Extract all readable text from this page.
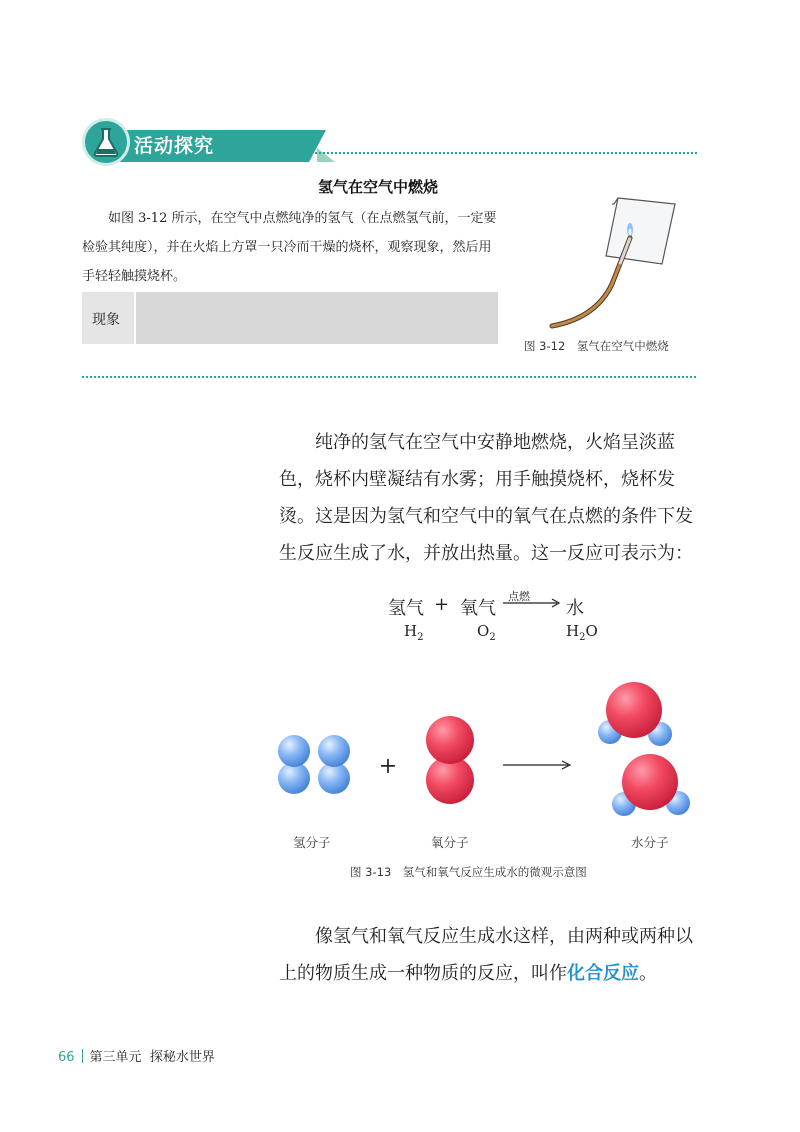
活动探究 3-5
氢气在空气中燃烧
如图 3-12 所示，在空气中点燃纯净的氢气（在点燃氢气前，一定要检验其纯度），并在火焰上方罩一只冷而干燥的烧杯，观察现象，然后用手轻轻触摸烧杯。
现象
图 3-12　氢气在空气中燃烧
纯净的氢气在空气中安静地燃烧，火焰呈淡蓝色，烧杯内壁凝结有水雾；用手触摸烧杯，烧杯发烫。这是因为氢气和空气中的氧气在点燃的条件下发生反应生成了水，并放出热量。这一反应可表示为：
氢气 + 氧气
点燃
→ 水
$H_2$	$O_2$	$H_2O$
+
氢分子	氧分子	水分子
图 3-13　氢气和氧气反应生成水的微观示意图
像氢气和氧气反应生成水这样，由两种或两种以上的物质生成一种物质的反应，叫作化合反应。
66 第三单元 探秘水世界
